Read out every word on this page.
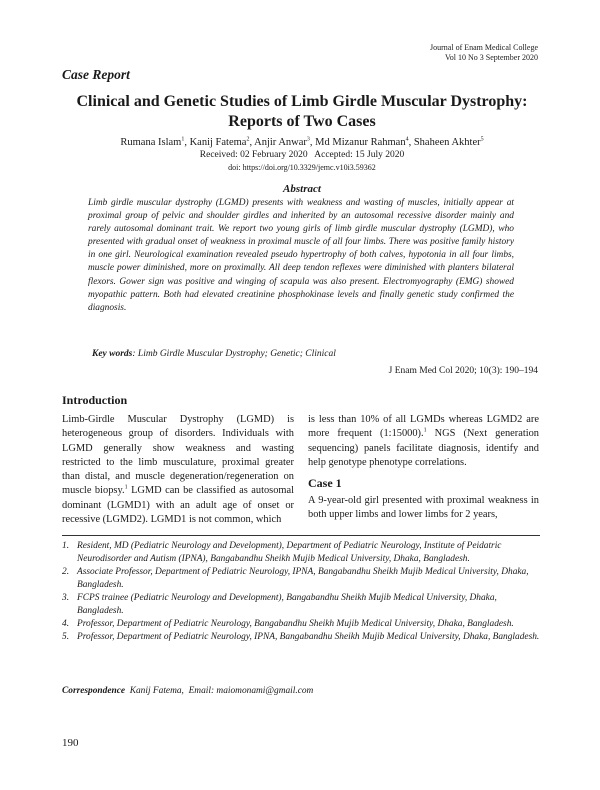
Journal of Enam Medical College
Vol 10 No 3 September 2020
Case Report
Clinical and Genetic Studies of Limb Girdle Muscular Dystrophy:
Reports of Two Cases
Rumana Islam$^1$, Kanij Fatema$^2$, Anjir Anwar$^3$, Md Mizanur Rahman$^4$, Shaheen Akhter$^5$
Received: 02 February 2020   Accepted: 15 July 2020
doi: https://doi.org/10.3329/jemc.v10i3.59362
Abstract
Limb girdle muscular dystrophy (LGMD) presents with weakness and wasting of muscles, initially appear at proximal group of pelvic and shoulder girdles and inherited by an autosomal recessive disorder mainly and rarely autosomal dominant trait. We report two young girls of limb girdle muscular dystrophy (LGMD), who presented with gradual onset of weakness in proximal muscle of all four limbs. There was positive family history in one girl. Neurological examination revealed pseudo hypertrophy of both calves, hypotonia in all four limbs, muscle power diminished, more on proximally. All deep tendon reflexes were diminished with planters bilateral flexors. Gower sign was positive and winging of scapula was also present. Electromyography (EMG) showed myopathic pattern. Both had elevated creatinine phosphokinase levels and finally genetic study confirmed the diagnosis.
Key words: Limb Girdle Muscular Dystrophy; Genetic; Clinical
J Enam Med Col 2020; 10(3): 190–194
Introduction
Limb-Girdle Muscular Dystrophy (LGMD) is heterogeneous group of disorders. Individuals with LGMD generally show weakness and wasting restricted to the limb musculature, proximal greater than distal, and muscle degeneration/regeneration on muscle biopsy.$^1$ LGMD can be classified as autosomal dominant (LGMD1) with an adult age of onset or recessive (LGMD2). LGMD1 is not common, which
is less than 10% of all LGMDs whereas LGMD2 are more frequent (1:15000).$^1$ NGS (Next generation sequencing) panels facilitate diagnosis, identify and help genotype phenotype correlations.
Case 1
A 9-year-old girl presented with proximal weakness in both upper limbs and lower limbs for 2 years,
1. Resident, MD (Pediatric Neurology and Development), Department of Pediatric Neurology, Institute of Peidatric Neurodisorder and Autism (IPNA), Bangabandhu Sheikh Mujib Medical University, Dhaka, Bangladesh.
2. Associate Professor, Department of Pediatric Neurology, IPNA, Bangabandhu Sheikh Mujib Medical University, Dhaka, Bangladesh.
3. FCPS trainee (Pediatric Neurology and Development), Bangabandhu Sheikh Mujib Medical University, Dhaka, Bangladesh.
4. Professor, Department of Pediatric Neurology, Bangabandhu Sheikh Mujib Medical University, Dhaka, Bangladesh.
5. Professor, Department of Pediatric Neurology, IPNA, Bangabandhu Sheikh Mujib Medical University, Dhaka, Bangladesh.
Correspondence  Kanij Fatema,  Email: maiomonami@gmail.com
190
